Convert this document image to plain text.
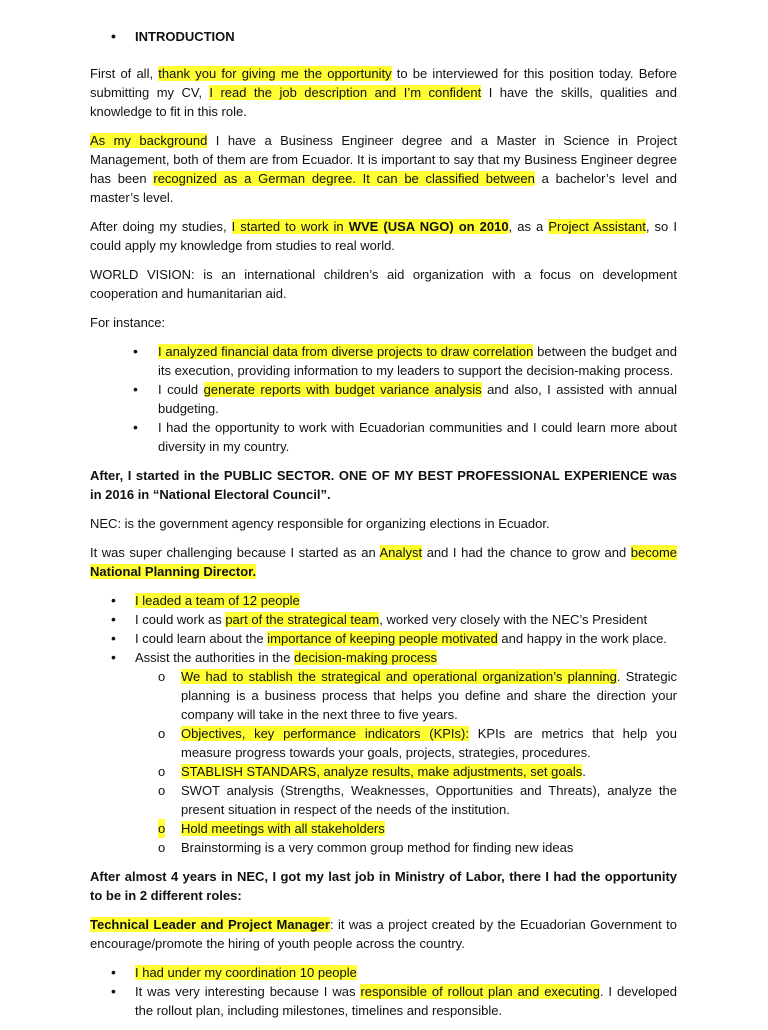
• INTRODUCTION

First of all, thank you for giving me the opportunity to be interviewed for this position today. Before submitting my CV, I read the job description and I’m confident I have the skills, qualities and knowledge to fit in this role.

As my background I have a Business Engineer degree and a Master in Science in Project Management, both of them are from Ecuador. It is important to say that my Business Engineer degree has been recognized as a German degree. It can be classified between a bachelor’s level and master’s level.

After doing my studies, I started to work in WVE (USA NGO) on 2010, as a Project Assistant, so I could apply my knowledge from studies to real world.

WORLD VISION: is an international children’s aid organization with a focus on development cooperation and humanitarian aid.

For instance:

• I analyzed financial data from diverse projects to draw correlation between the budget and its execution, providing information to my leaders to support the decision-making process.
• I could generate reports with budget variance analysis and also, I assisted with annual budgeting.
• I had the opportunity to work with Ecuadorian communities and I could learn more about diversity in my country.

After, I started in the PUBLIC SECTOR. ONE OF MY BEST PROFESSIONAL EXPERIENCE was in 2016 in “National Electoral Council”.

NEC: is the government agency responsible for organizing elections in Ecuador.

It was super challenging because I started as an Analyst and I had the chance to grow and become National Planning Director.

• I leaded a team of 12 people
• I could work as part of the strategical team, worked very closely with the NEC’s President
• I could learn about the importance of keeping people motivated and happy in the work place.
• Assist the authorities in the decision-making process
o We had to stablish the strategical and operational organization’s planning. Strategic planning is a business process that helps you define and share the direction your company will take in the next three to five years.
o Objectives, key performance indicators (KPIs): KPIs are metrics that help you measure progress towards your goals, projects, strategies, procedures.
o STABLISH STANDARS, analyze results, make adjustments, set goals.
o SWOT analysis (Strengths, Weaknesses, Opportunities and Threats), analyze the present situation in respect of the needs of the institution.
o Hold meetings with all stakeholders
o Brainstorming is a very common group method for finding new ideas

After almost 4 years in NEC, I got my last job in Ministry of Labor, there I had the opportunity to be in 2 different roles:

Technical Leader and Project Manager: it was a project created by the Ecuadorian Government to encourage/promote the hiring of youth people across the country.

• I had under my coordination 10 people
• It was very interesting because I was responsible of rollout plan and executing. I developed the rollout plan, including milestones, timelines and responsible.
